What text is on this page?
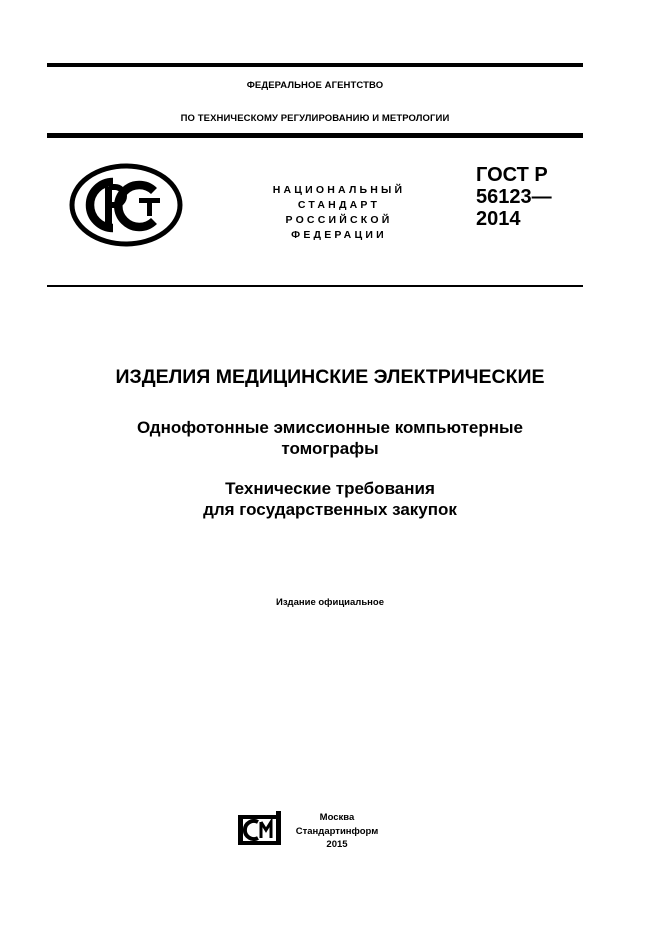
ФЕДЕРАЛЬНОЕ АГЕНТСТВО
ПО ТЕХНИЧЕСКОМУ РЕГУЛИРОВАНИЮ И МЕТРОЛОГИИ
НАЦИОНАЛЬНЫЙ
СТАНДАРТ
РОССИЙСКОЙ
ФЕДЕРАЦИИ
ГОСТ Р
56123—
2014
ИЗДЕЛИЯ МЕДИЦИНСКИЕ ЭЛЕКТРИЧЕСКИЕ
Однофотонные эмиссионные компьютерные
томографы
Технические требования
для государственных закупок
Издание официальное
Москва
Стандартинформ
2015
